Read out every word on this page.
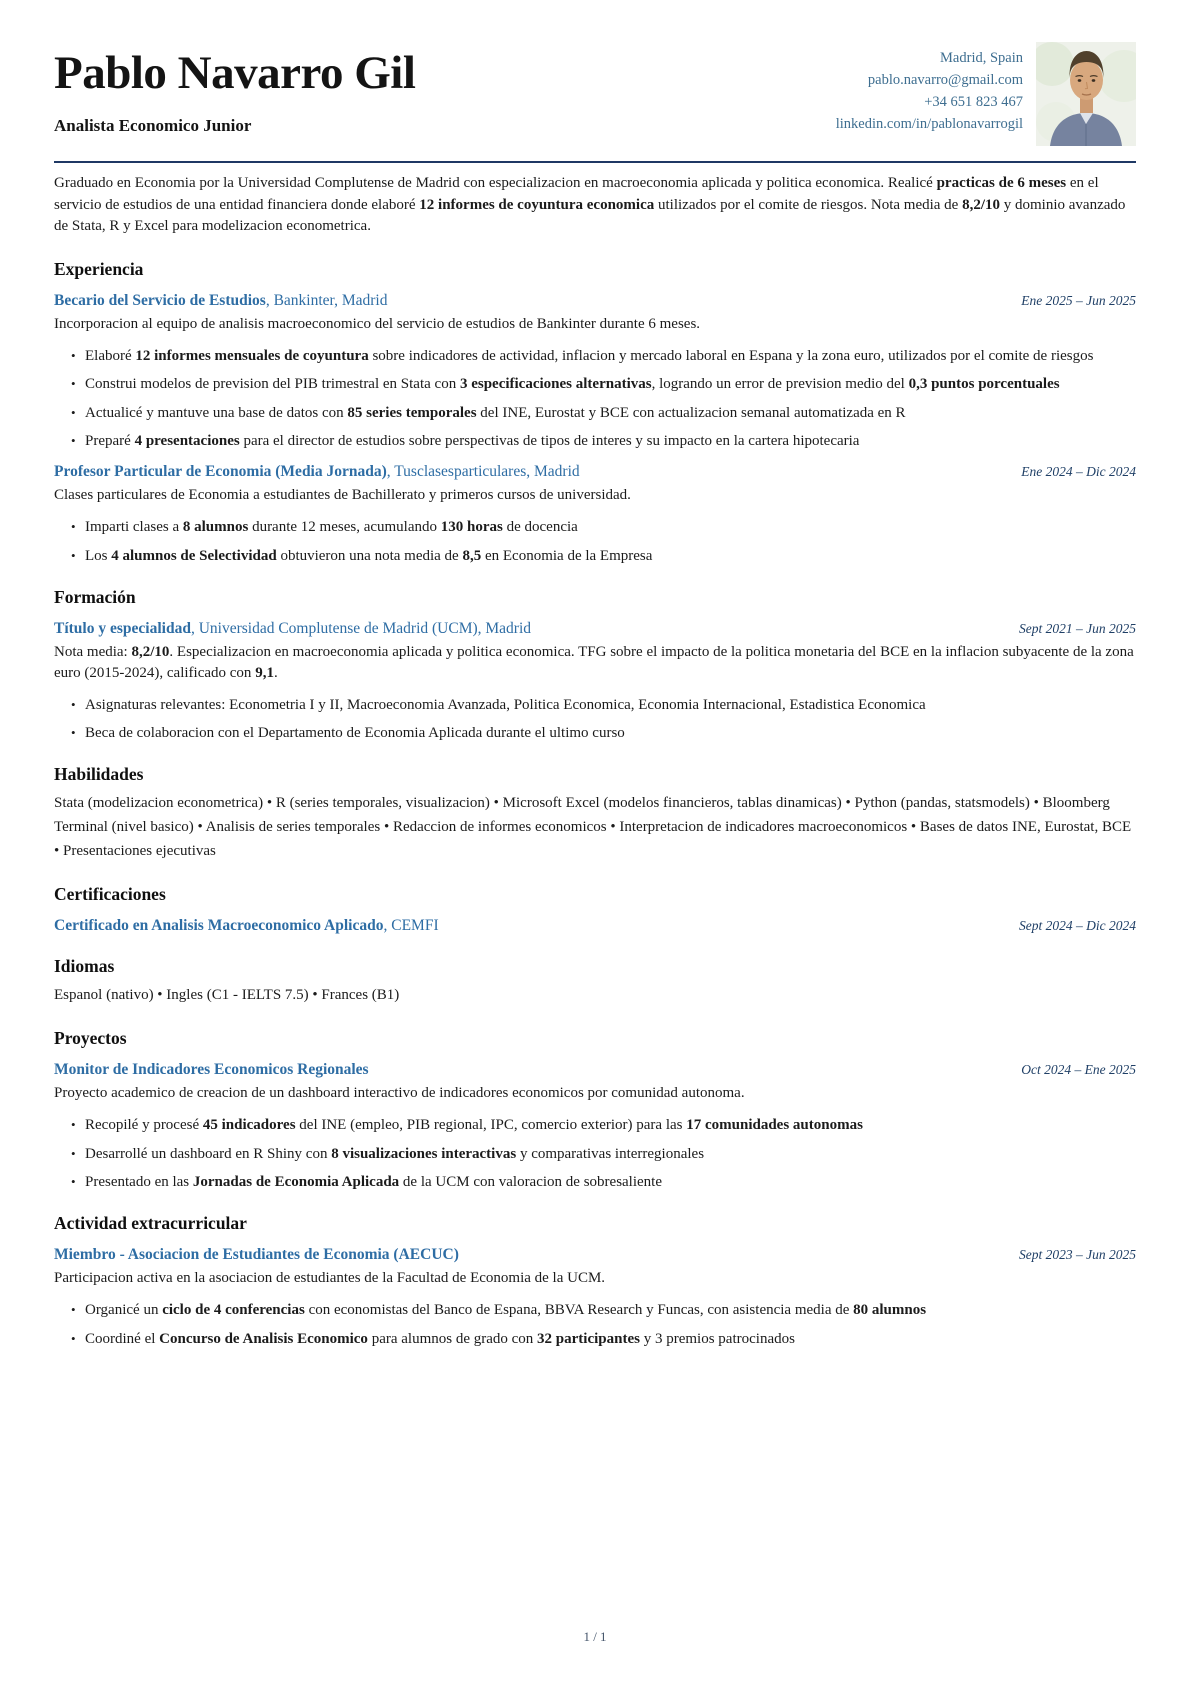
Pablo Navarro Gil
Analista Economico Junior
Madrid, Spain
pablo.navarro@gmail.com
+34 651 823 467
linkedin.com/in/pablonavarrogil

Graduado en Economia por la Universidad Complutense de Madrid con especializacion en macroeconomia aplicada y politica economica. Realicé practicas de 6 meses en el servicio de estudios de una entidad financiera donde elaboré 12 informes de coyuntura economica utilizados por el comite de riesgos. Nota media de 8,2/10 y dominio avanzado de Stata, R y Excel para modelizacion econometrica.

Experiencia
Becario del Servicio de Estudios, Bankinter, Madrid	Ene 2025 – Jun 2025

Incorporacion al equipo de analisis macroeconomico del servicio de estudios de Bankinter durante 6 meses.

• Elaboré 12 informes mensuales de coyuntura sobre indicadores de actividad, inflacion y mercado laboral en Espana y la zona euro, utilizados por el comite de riesgos
• Construi modelos de prevision del PIB trimestral en Stata con 3 especificaciones alternativas, logrando un error de prevision medio del 0,3 puntos porcentuales
• Actualicé y mantuve una base de datos con 85 series temporales del INE, Eurostat y BCE con actualizacion semanal automatizada en R
• Preparé 4 presentaciones para el director de estudios sobre perspectivas de tipos de interes y su impacto en la cartera hipotecaria
Profesor Particular de Economia (Media Jornada), Tusclasesparticulares, Madrid	Ene 2024 – Dic 2024

Clases particulares de Economia a estudiantes de Bachillerato y primeros cursos de universidad.

• Imparti clases a 8 alumnos durante 12 meses, acumulando 130 horas de docencia
• Los 4 alumnos de Selectividad obtuvieron una nota media de 8,5 en Economia de la Empresa
Formación
Título y especialidad, Universidad Complutense de Madrid (UCM), Madrid	Sept 2021 – Jun 2025

Nota media: 8,2/10. Especializacion en macroeconomia aplicada y politica economica. TFG sobre el impacto de la politica monetaria del BCE en la inflacion subyacente de la zona euro (2015-2024), calificado con 9,1.

• Asignaturas relevantes: Econometria I y II, Macroeconomia Avanzada, Politica Economica, Economia Internacional, Estadistica Economica
• Beca de colaboracion con el Departamento de Economia Aplicada durante el ultimo curso
Habilidades

Stata (modelizacion econometrica) • R (series temporales, visualizacion) • Microsoft Excel (modelos financieros, tablas dinamicas) • Python (pandas, statsmodels) • Bloomberg Terminal (nivel basico) • Analisis de series temporales • Redaccion de informes economicos • Interpretacion de indicadores macroeconomicos • Bases de datos INE, Eurostat, BCE • Presentaciones ejecutivas

Certificaciones
Certificado en Analisis Macroeconomico Aplicado, CEMFI	Sept 2024 – Dic 2024
Idiomas

Espanol (nativo) • Ingles (C1 - IELTS 7.5) • Frances (B1)

Proyectos
Monitor de Indicadores Economicos Regionales	Oct 2024 – Ene 2025

Proyecto academico de creacion de un dashboard interactivo de indicadores economicos por comunidad autonoma.

• Recopilé y procesé 45 indicadores del INE (empleo, PIB regional, IPC, comercio exterior) para las 17 comunidades autonomas
• Desarrollé un dashboard en R Shiny con 8 visualizaciones interactivas y comparativas interregionales
• Presentado en las Jornadas de Economia Aplicada de la UCM con valoracion de sobresaliente
Actividad extracurricular
Miembro - Asociacion de Estudiantes de Economia (AECUC)	Sept 2023 – Jun 2025

Participacion activa en la asociacion de estudiantes de la Facultad de Economia de la UCM.

• Organicé un ciclo de 4 conferencias con economistas del Banco de Espana, BBVA Research y Funcas, con asistencia media de 80 alumnos
• Coordiné el Concurso de Analisis Economico para alumnos de grado con 32 participantes y 3 premios patrocinados
1 / 1
